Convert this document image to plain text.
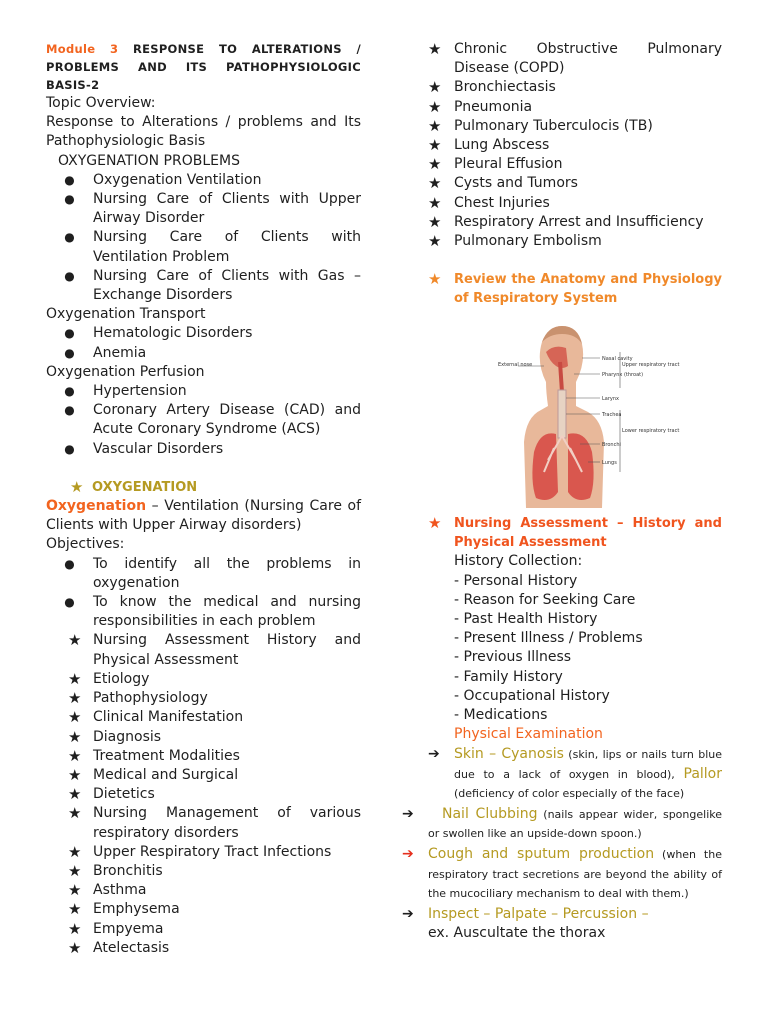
Module 3 RESPONSE TO ALTERATIONS / PROBLEMS AND ITS PATHOPHYSIOLOGIC BASIS-2
Topic Overview:
Response to Alterations / problems and Its Pathophysiologic Basis
OXYGENATION PROBLEMS
●	Oxygenation Ventilation
●	Nursing Care of Clients with Upper Airway Disorder
●	Nursing Care of Clients with Ventilation Problem
●	Nursing Care of Clients with Gas – Exchange Disorders
Oxygenation Transport
●	Hematologic Disorders
●	Anemia
Oxygenation Perfusion
●	Hypertension
●	Coronary Artery Disease (CAD) and Acute Coronary Syndrome (ACS)
●	Vascular Disorders
★ OXYGENATION
Oxygenation – Ventilation (Nursing Care of Clients with Upper Airway disorders)
Objectives:
●	To identify all the problems in oxygenation
●	To know the medical and nursing responsibilities in each problem
★ Nursing Assessment History and Physical Assessment
★ Etiology
★ Pathophysiology
★ Clinical Manifestation
★ Diagnosis
★ Treatment Modalities
★ Medical and Surgical
★ Dietetics
★ Nursing Management of various respiratory disorders
★ Upper Respiratory Tract Infections
★ Bronchitis
★ Asthma
★ Emphysema
★ Empyema
★ Atelectasis
★ Chronic Obstructive Pulmonary Disease (COPD)
★ Bronchiectasis
★ Pneumonia
★ Pulmonary Tuberculocis (TB)
★ Lung Abscess
★ Pleural Effusion
★ Cysts and Tumors
★ Chest Injuries
★ Respiratory Arrest and Insufficiency
★ Pulmonary Embolism
★ Review the Anatomy and Physiology of Respiratory System
Nasal cavity
Pharynx (throat)
Larynx
Trachea
Bronchi
Lungs
External nose	Upper respiratory tract
Lower respiratory tract
★ Nursing Assessment – History and Physical Assessment
History Collection:
- Personal History
- Reason for Seeking Care
- Past Health History
- Present Illness / Problems
- Previous Illness
- Family History
- Occupational History
- Medications
Physical Examination
➔	Skin – Cyanosis (skin, lips or nails turn blue due to a lack of oxygen in blood), Pallor (deficiency of color especially of the face)
➔	Nail Clubbing (nails appear wider, spongelike or swollen like an upside-down spoon.)
➔	Cough and sputum production (when the respiratory tract secretions are beyond the ability of the mucociliary mechanism to deal with them.)
➔	Inspect – Palpate – Percussion –
ex. Auscultate the thorax
